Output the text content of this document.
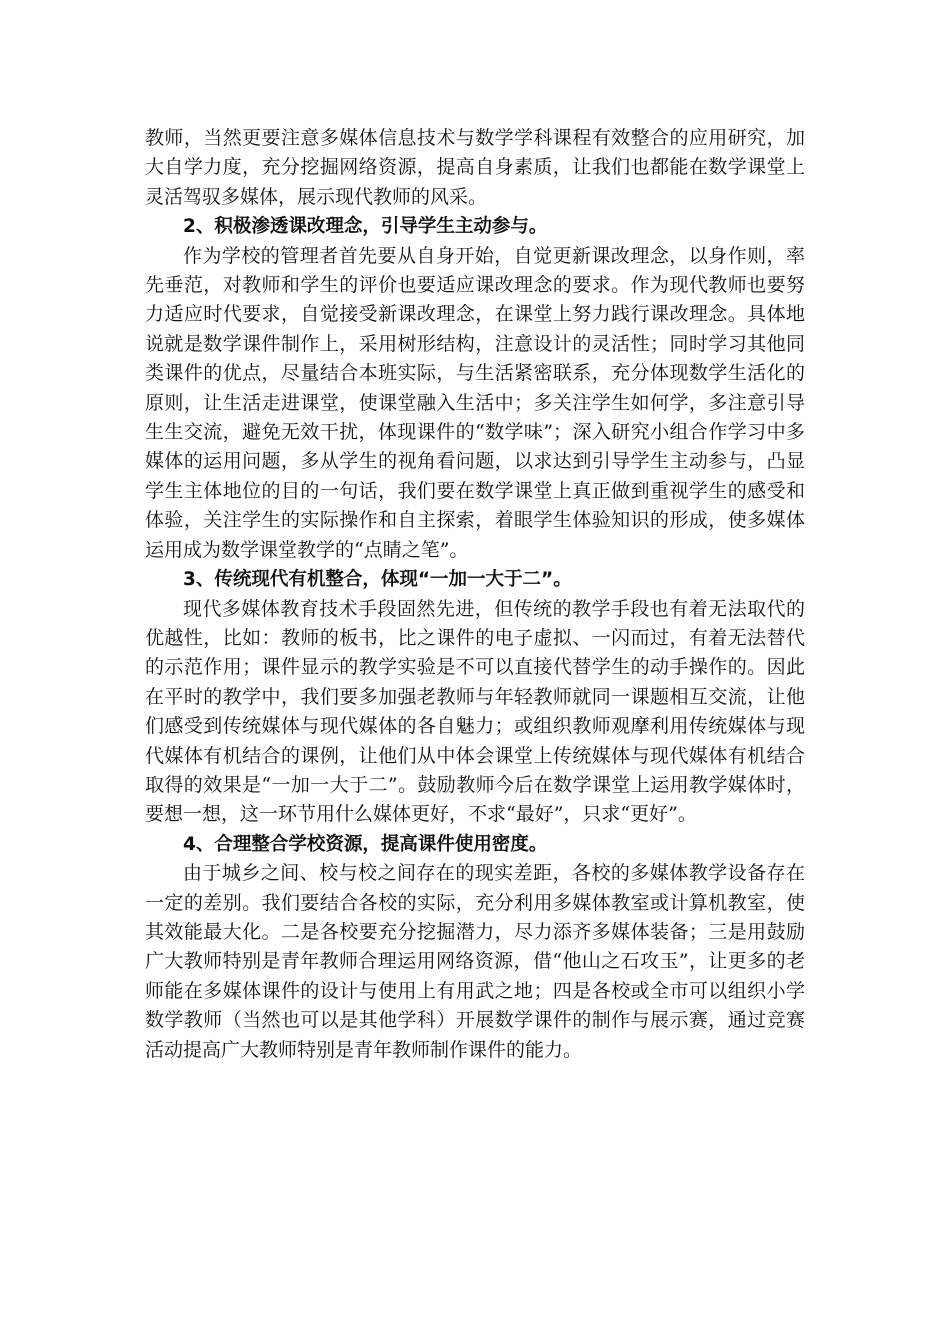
教师，当然更要注意多媒体信息技术与数学学科课程有效整合的应用研究，加大自学力度，充分挖掘网络资源，提高自身素质，让我们也都能在数学课堂上灵活驾驭多媒体，展示现代教师的风采。

2、积极渗透课改理念，引导学生主动参与。

作为学校的管理者首先要从自身开始，自觉更新课改理念，以身作则，率先垂范，对教师和学生的评价也要适应课改理念的要求。作为现代教师也要努力适应时代要求，自觉接受新课改理念，在课堂上努力践行课改理念。具体地说就是数学课件制作上，采用树形结构，注意设计的灵活性；同时学习其他同类课件的优点，尽量结合本班实际，与生活紧密联系，充分体现数学生活化的原则，让生活走进课堂，使课堂融入生活中；多关注学生如何学，多注意引导生生交流，避免无效干扰，体现课件的“数学味”；深入研究小组合作学习中多媒体的运用问题，多从学生的视角看问题，以求达到引导学生主动参与，凸显学生主体地位的目的一句话，我们要在数学课堂上真正做到重视学生的感受和体验，关注学生的实际操作和自主探索，着眼学生体验知识的形成，使多媒体运用成为数学课堂教学的“点睛之笔”。

3、传统现代有机整合，体现“一加一大于二”。

现代多媒体教育技术手段固然先进，但传统的教学手段也有着无法取代的优越性，比如：教师的板书，比之课件的电子虚拟、一闪而过，有着无法替代的示范作用；课件显示的教学实验是不可以直接代替学生的动手操作的。因此在平时的教学中，我们要多加强老教师与年轻教师就同一课题相互交流，让他们感受到传统媒体与现代媒体的各自魅力；或组织教师观摩利用传统媒体与现代媒体有机结合的课例，让他们从中体会课堂上传统媒体与现代媒体有机结合取得的效果是“一加一大于二”。鼓励教师今后在数学课堂上运用教学媒体时，要想一想，这一环节用什么媒体更好，不求“最好”，只求“更好”。

4、合理整合学校资源，提高课件使用密度。

由于城乡之间、校与校之间存在的现实差距，各校的多媒体教学设备存在一定的差别。我们要结合各校的实际，充分利用多媒体教室或计算机教室，使其效能最大化。二是各校要充分挖掘潜力，尽力添齐多媒体装备；三是用鼓励广大教师特别是青年教师合理运用网络资源，借“他山之石攻玉”，让更多的老师能在多媒体课件的设计与使用上有用武之地；四是各校或全市可以组织小学数学教师（当然也可以是其他学科）开展数学课件的制作与展示赛，通过竞赛活动提高广大教师特别是青年教师制作课件的能力。
